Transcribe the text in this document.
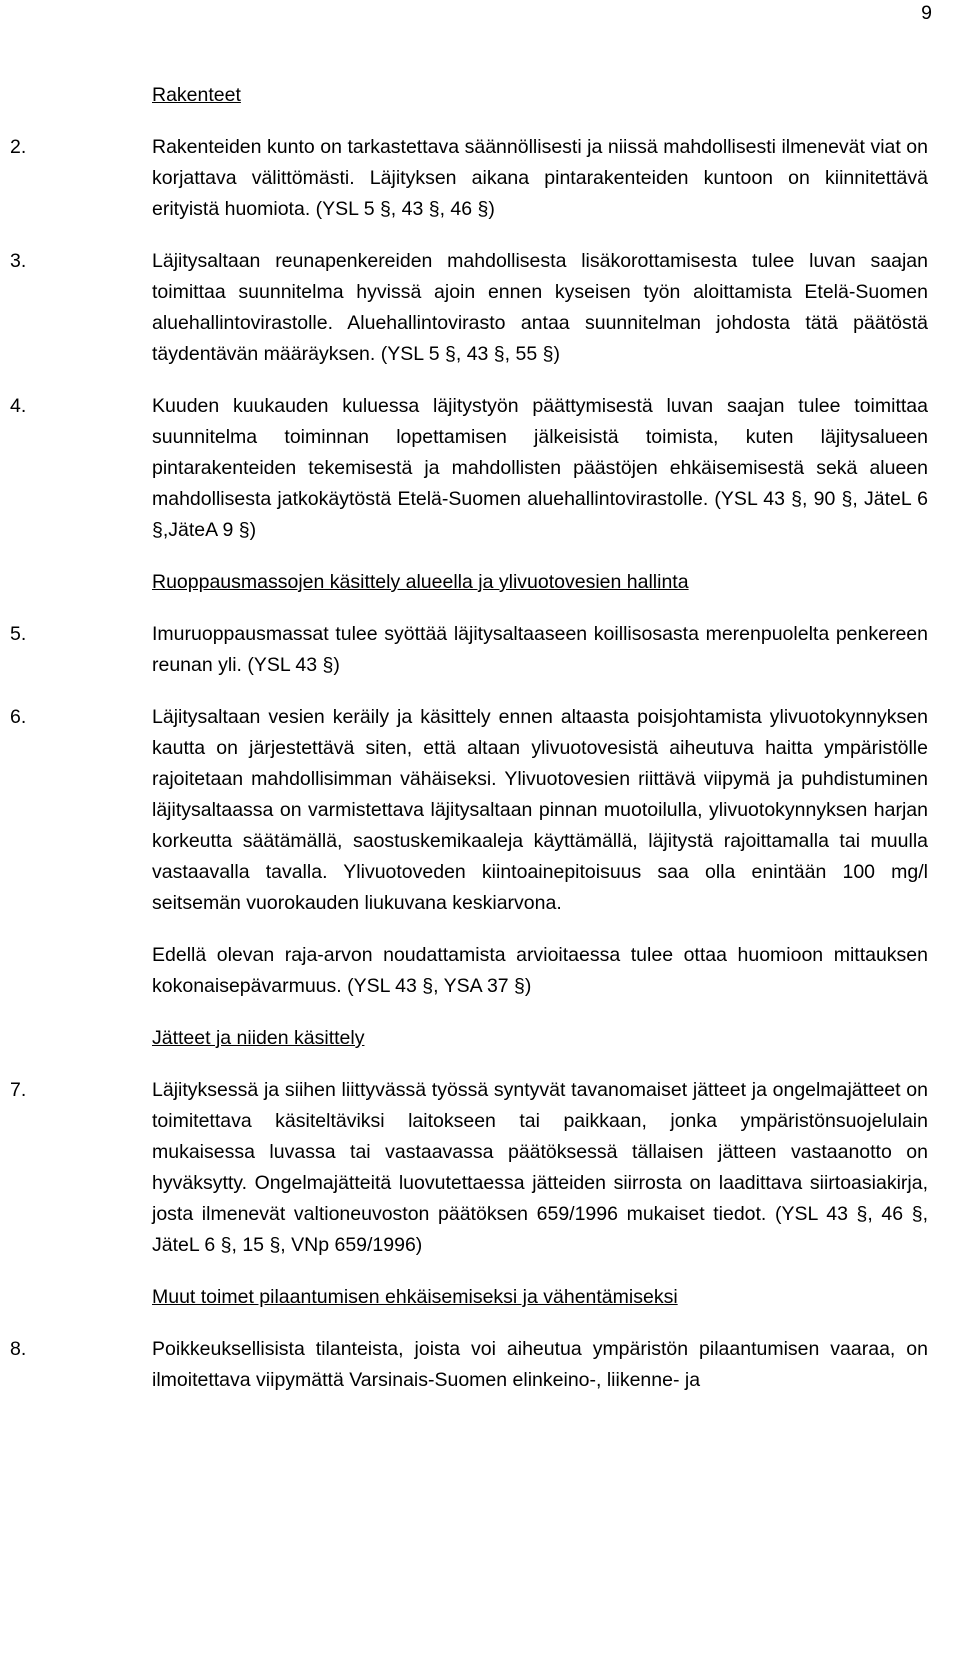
9
Rakenteet
2.	Rakenteiden kunto on tarkastettava säännöllisesti ja niissä mahdollisesti ilmenevät viat on korjattava välittömästi. Läjityksen aikana pintarakenteiden kuntoon on kiinnitettävä erityistä huomiota. (YSL 5 §, 43 §, 46 §)

3.	Läjitysaltaan reunapenkereiden mahdollisesta lisäkorottamisesta tulee luvan saajan toimittaa suunnitelma hyvissä ajoin ennen kyseisen työn aloittamista Etelä-Suomen aluehallintovirastolle. Aluehallintovirasto antaa suunnitelman johdosta tätä päätöstä täydentävän määräyksen. (YSL 5 §, 43 §, 55 §)

4.	Kuuden kuukauden kuluessa läjitystyön päättymisestä luvan saajan tulee toimittaa suunnitelma toiminnan lopettamisen jälkeisistä toimista, kuten läjitysalueen pintarakenteiden tekemisestä ja mahdollisten päästöjen ehkäisemisestä sekä alueen mahdollisesta jatkokäytöstä Etelä-Suomen aluehallintovirastolle. (YSL 43 §, 90 §, JäteL 6 §,JäteA 9 §)

Ruoppausmassojen käsittely alueella ja ylivuotovesien hallinta
5.	Imuruoppausmassat tulee syöttää läjitysaltaaseen koillisosasta merenpuolelta penkereen reunan yli. (YSL 43 §)

6.	Läjitysaltaan vesien keräily ja käsittely ennen altaasta poisjohtamista ylivuotokynnyksen kautta on järjestettävä siten, että altaan ylivuotovesistä aiheutuva haitta ympäristölle rajoitetaan mahdollisimman vähäiseksi. Ylivuotovesien riittävä viipymä ja puhdistuminen läjitysaltaassa on varmistettava läjitysaltaan pinnan muotoilulla, ylivuotokynnyksen harjan korkeutta säätämällä, saostuskemikaaleja käyttämällä, läjitystä rajoittamalla tai muulla vastaavalla tavalla. Ylivuotoveden kiintoainepitoisuus saa olla enintään 100 mg/l seitsemän vuorokauden liukuvana keskiarvona.

Edellä olevan raja-arvon noudattamista arvioitaessa tulee ottaa huomioon mittauksen kokonaisepävarmuus. (YSL 43 §, YSA 37 §)

Jätteet ja niiden käsittely
7.	Läjityksessä ja siihen liittyvässä työssä syntyvät tavanomaiset jätteet ja ongelmajätteet on toimitettava käsiteltäviksi laitokseen tai paikkaan, jonka ympäristönsuojelulain mukaisessa luvassa tai vastaavassa päätöksessä tällaisen jätteen vastaanotto on hyväksytty. Ongelmajätteitä luovutettaessa jätteiden siirrosta on laadittava siirtoasiakirja, josta ilmenevät valtioneuvoston päätöksen 659/1996 mukaiset tiedot. (YSL 43 §, 46 §, JäteL 6 §, 15 §, VNp 659/1996)

Muut toimet pilaantumisen ehkäisemiseksi ja vähentämiseksi
8.	Poikkeuksellisista tilanteista, joista voi aiheutua ympäristön pilaantumisen vaaraa, on ilmoitettava viipymättä Varsinais-Suomen elinkeino-, liikenne- ja
